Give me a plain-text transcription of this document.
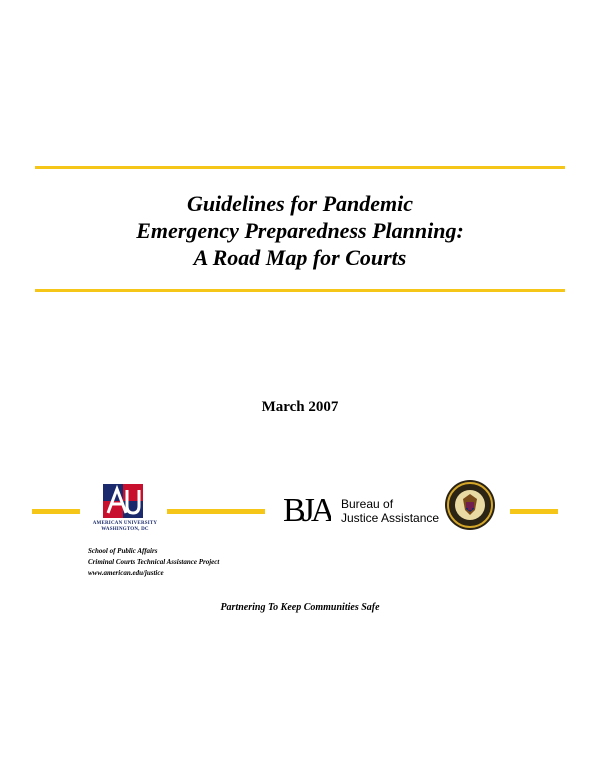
Guidelines for Pandemic
Emergency Preparedness Planning:
A Road Map for Courts
March 2007
AMERICAN UNIVERSITY
WASHINGTON, DC
BJA Bureau of
Justice Assistance
School of Public Affairs
Criminal Courts Technical Assistance Project
www.american.edu/justice
Partnering To Keep Communities Safe
